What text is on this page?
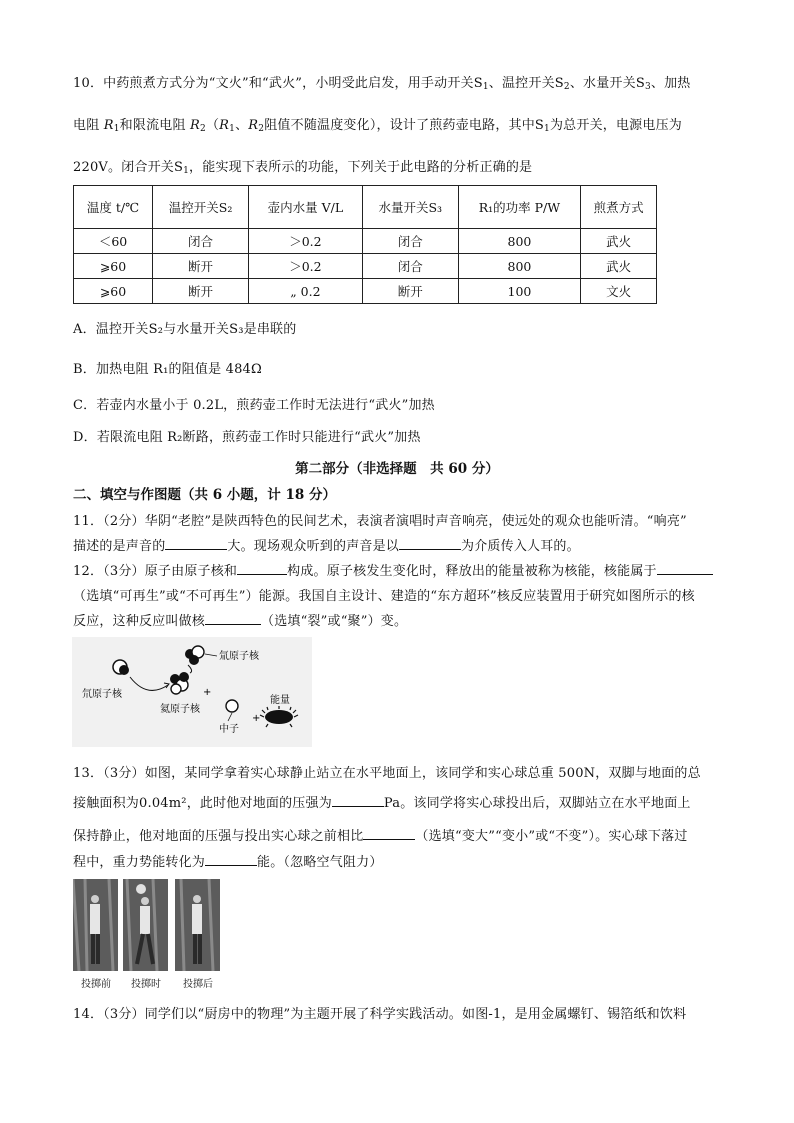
10．中药煎煮方式分为“文火”和“武火”，小明受此启发，用手动开关$S_1$、温控开关$S_2$、水量开关$S_3$、加热
电阻 $R_1$和限流电阻 $R_2(R_1$、$R_2$阻值不随温度变化），设计了煎药壶电路，其中$S_1$为总开关，电源电压为
220V。闭合开关$S_1$，能实现下表所示的功能，下列关于此电路的分析正确的是
温度 t/℃	温控开关S₂	壶内水量 V/L	水量开关S₃	R₁的功率 P/W	煎煮方式
＜60	闭合	＞0.2	闭合	800	武火
⩾60	断开	＞0.2	闭合	800	武火
⩾60	断开	„ 0.2	断开	100	文火
A．温控开关S₂与水量开关S₃是串联的
B．加热电阻 R₁的阻值是 484Ω
C．若壶内水量小于 0.2L，煎药壶工作时无法进行“武火”加热
D．若限流电阻 R₂断路，煎药壶工作时只能进行“武火”加热
第二部分（非选择题　共 60 分）
二、填空与作图题（共 6 小题，计 18 分）
11．（2分）华阴“老腔”是陕西特色的民间艺术，表演者演唱时声音响亮，使远处的观众也能听清。“响亮”
描述的是声音的	大。现场观众听到的声音是以	为介质传入人耳的。
12．（3分）原子由原子核和	构成。原子核发生变化时，释放出的能量被称为核能，核能属于
（选填“可再生”或“不可再生”）能源。我国自主设计、建造的“东方超环”核反应装置用于研究如图所示的核
反应，这种反应叫做核	（选填“裂”或“聚”）变。
氚原子核
氘原子核
氦原子核
中子
能量
+
+
13．（3分）如图，某同学拿着实心球静止站立在水平地面上，该同学和实心球总重 500N，双脚与地面的总
接触面积为0.04m²，此时他对地面的压强为	Pa。该同学将实心球投出后，双脚站立在水平地面上
保持静止，他对地面的压强与投出实心球之前相比	（选填“变大”“变小”或“不变”）。实心球下落过
程中，重力势能转化为	能。（忽略空气阻力）
投掷前	投掷时	投掷后
14．（3分）同学们以“厨房中的物理”为主题开展了科学实践活动。如图-1，是用金属螺钉、锡箔纸和饮料
